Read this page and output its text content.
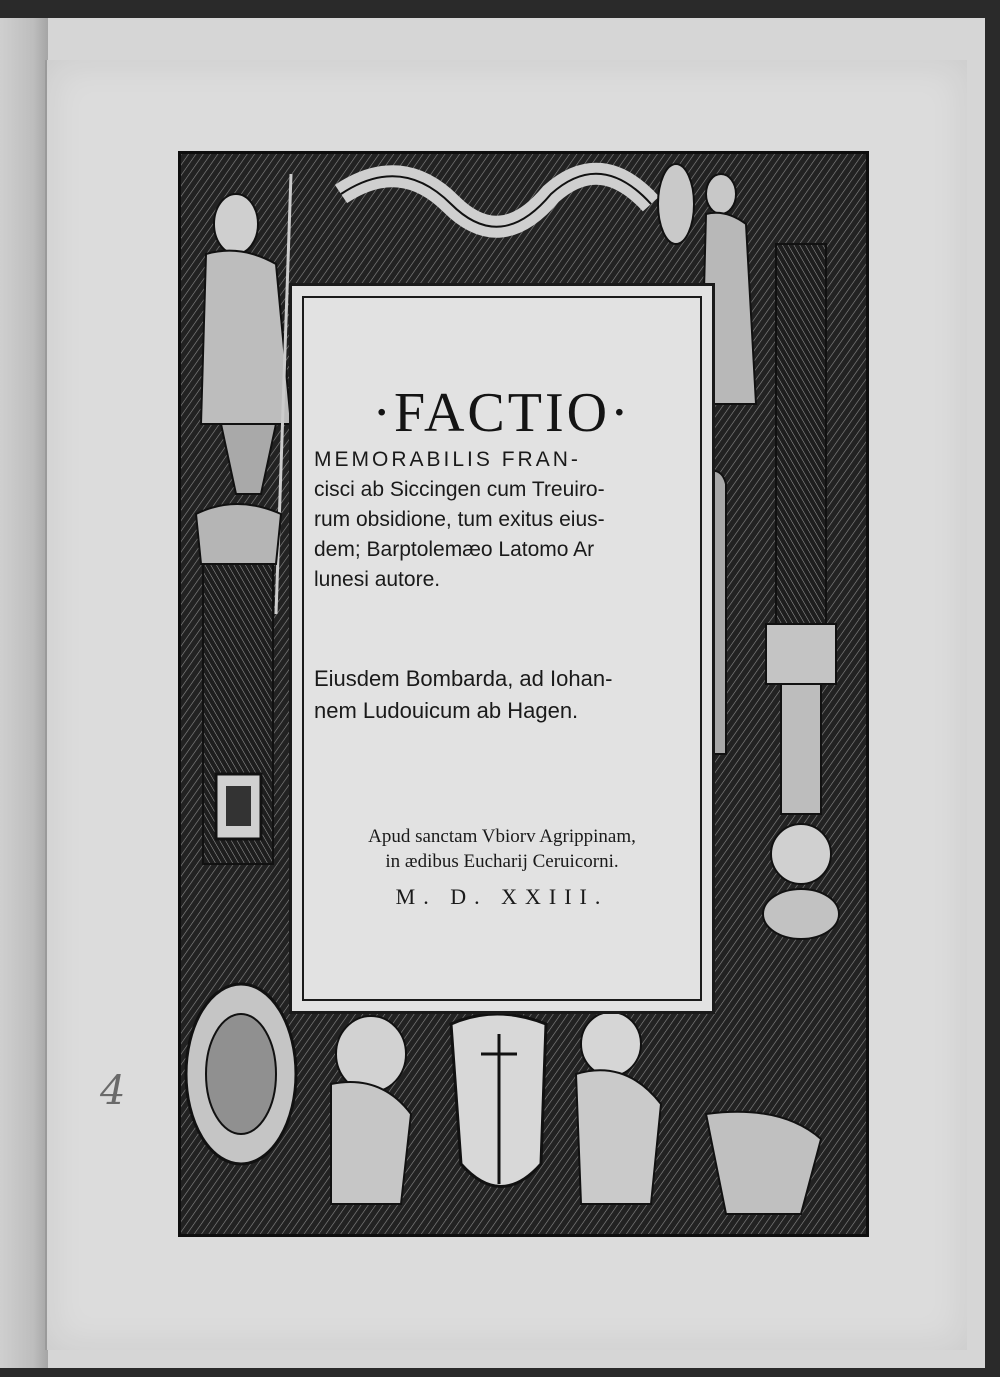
·FACTIO·
MEMORABILIS FRAN-
cisci ab Siccingen cum Treuiro-
rum obsidione, tum exitus eius-
dem; Barptolemæo Latomo Ar
lunesi autore.
Eiusdem Bombarda, ad Iohan-
nem Ludouicum ab Hagen.
Apud sanctam Vbiorv Agrippinam,
in ædibus Eucharij Ceruicorni.
M. D. XXIII.
4
